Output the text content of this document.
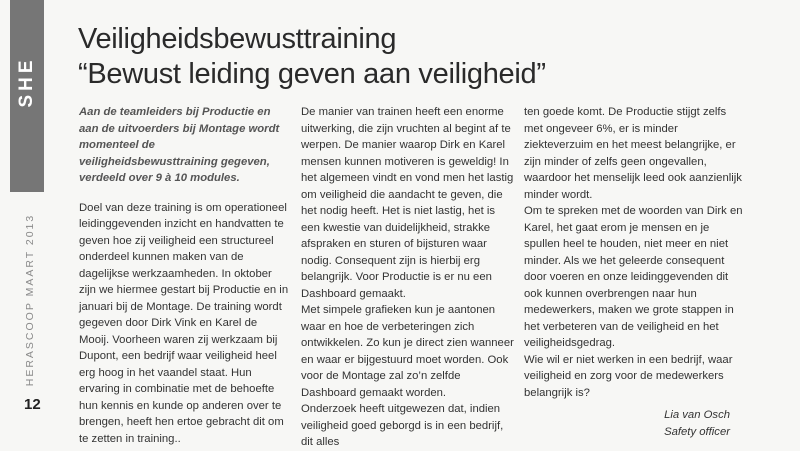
SHE
HERASCOOP MAART 2013
12
Veiligheidsbewusttraining
“Bewust leiding geven aan veiligheid”

Aan de teamleiders bij Productie en aan de uitvoerders bij Montage wordt momenteel de veiligheidsbewusttraining gegeven, verdeeld over 9 à 10 modules.

Doel van deze training is om operationeel leidinggevenden inzicht en handvatten te geven hoe zij veiligheid een structureel onderdeel kunnen maken van de dagelijkse werkzaamheden. In oktober zijn we hiermee gestart bij Productie en in januari bij de Montage. De training wordt gegeven door Dirk Vink en Karel de Mooij. Voorheen waren zij werkzaam bij Dupont, een bedrijf waar veiligheid heel erg hoog in het vaandel staat. Hun ervaring in combinatie met de behoefte hun kennis en kunde op anderen over te brengen, heeft hen ertoe gebracht dit om te zetten in training..

De manier van trainen heeft een enorme uitwerking, die zijn vruchten al begint af te werpen. De manier waarop Dirk en Karel mensen kunnen motiveren is geweldig! In het algemeen vindt en vond men het lastig om veiligheid die aandacht te geven, die het nodig heeft. Het is niet lastig, het is een kwestie van duidelijkheid, strakke afspraken en sturen of bijsturen waar nodig. Consequent zijn is hierbij erg belangrijk. Voor Productie is er nu een Dashboard gemaakt.

Met simpele grafieken kun je aantonen waar en hoe de verbeteringen zich ontwikkelen. Zo kun je direct zien wanneer en waar er bijgestuurd moet worden. Ook voor de Montage zal zo’n zelfde Dashboard gemaakt worden.

Onderzoek heeft uitgewezen dat, indien veiligheid goed geborgd is in een bedrijf, dit alles

ten goede komt. De Productie stijgt zelfs met ongeveer 6%, er is minder ziekteverzuim en het meest belangrijke, er zijn minder of zelfs geen ongevallen, waardoor het menselijk leed ook aanzienlijk minder wordt.

Om te spreken met de woorden van Dirk en Karel, het gaat erom je mensen en je spullen heel te houden, niet meer en niet minder. Als we het geleerde consequent door voeren en onze leidinggevenden dit ook kunnen overbrengen naar hun medewerkers, maken we grote stappen in het verbeteren van de veiligheid en het veiligheidsgedrag.

Wie wil er niet werken in een bedrijf, waar veiligheid en zorg voor de medewerkers belangrijk is?

Lia van Osch

Safety officer
